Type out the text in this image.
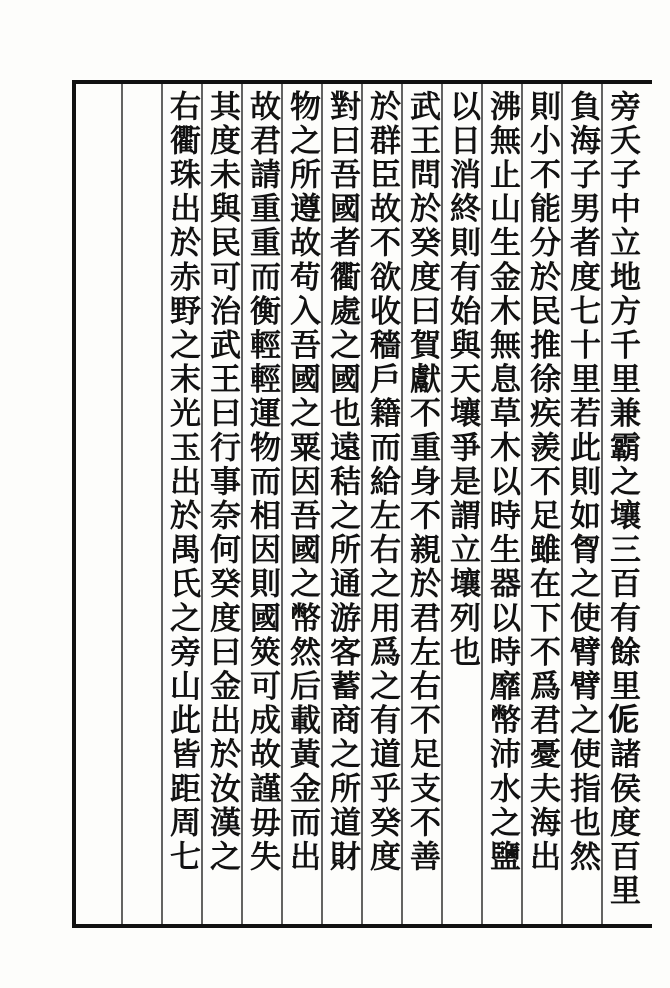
旁夭子中立地方千里兼霸之壤三百有餘里𠈁諸侯度百里
負海子男者度七十里若此則如胷之使臂臂之使指也然
則小不能分於民推徐疾羨不足雖在下不爲君憂夫海出
沸無止山生金木無息草木以時生器以時靡幣沛水之鹽
以日消終則有始與天壤爭是謂立壤列也
武王問於癸度曰賀獻不重身不親於君左右不足支不善
於群臣故不欲收穡戶籍而給左右之用爲之有道乎癸度
對曰吾國者衢處之國也遠秸之所通游客蓄商之所道財
物之所遵故苟入吾國之粟因吾國之幣然后載黃金而出
故君請重重而衡輕輕運物而相因則國筴可成故謹毋失
其度未與民可治武王曰行事奈何癸度曰金出於汝漢之
右衢珠出於赤野之末光玉出於禺氏之旁山此皆距周七
